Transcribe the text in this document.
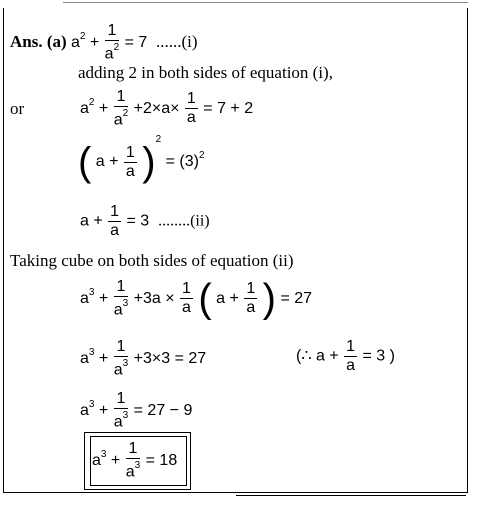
Ans. (a) $a^2 + \frac{1}{a^2} = 7$ ......(i)
adding 2 in both sides of equation (i),
or	$a^2 + \frac{1}{a^2} +2\times a\times \frac{1}{a} = 7 + 2$
( $a + \frac{1}{a} )^2 = (3)^2$
$a + \frac{1}{a} = 3$ ........(ii)
Taking cube on both sides of equation (ii)
$a^3 + \frac{1}{a^3} +3a \times \frac{1}{a}$ ( $a + \frac{1}{a}$ ) = 27
$a^3 + \frac{1}{a^3} +3\times 3 = 27$	(∴ $a + \frac{1}{a} = 3$ )
$a^3 + \frac{1}{a^3} = 27 - 9$
$a^3 + \frac{1}{a^3} = 18$
